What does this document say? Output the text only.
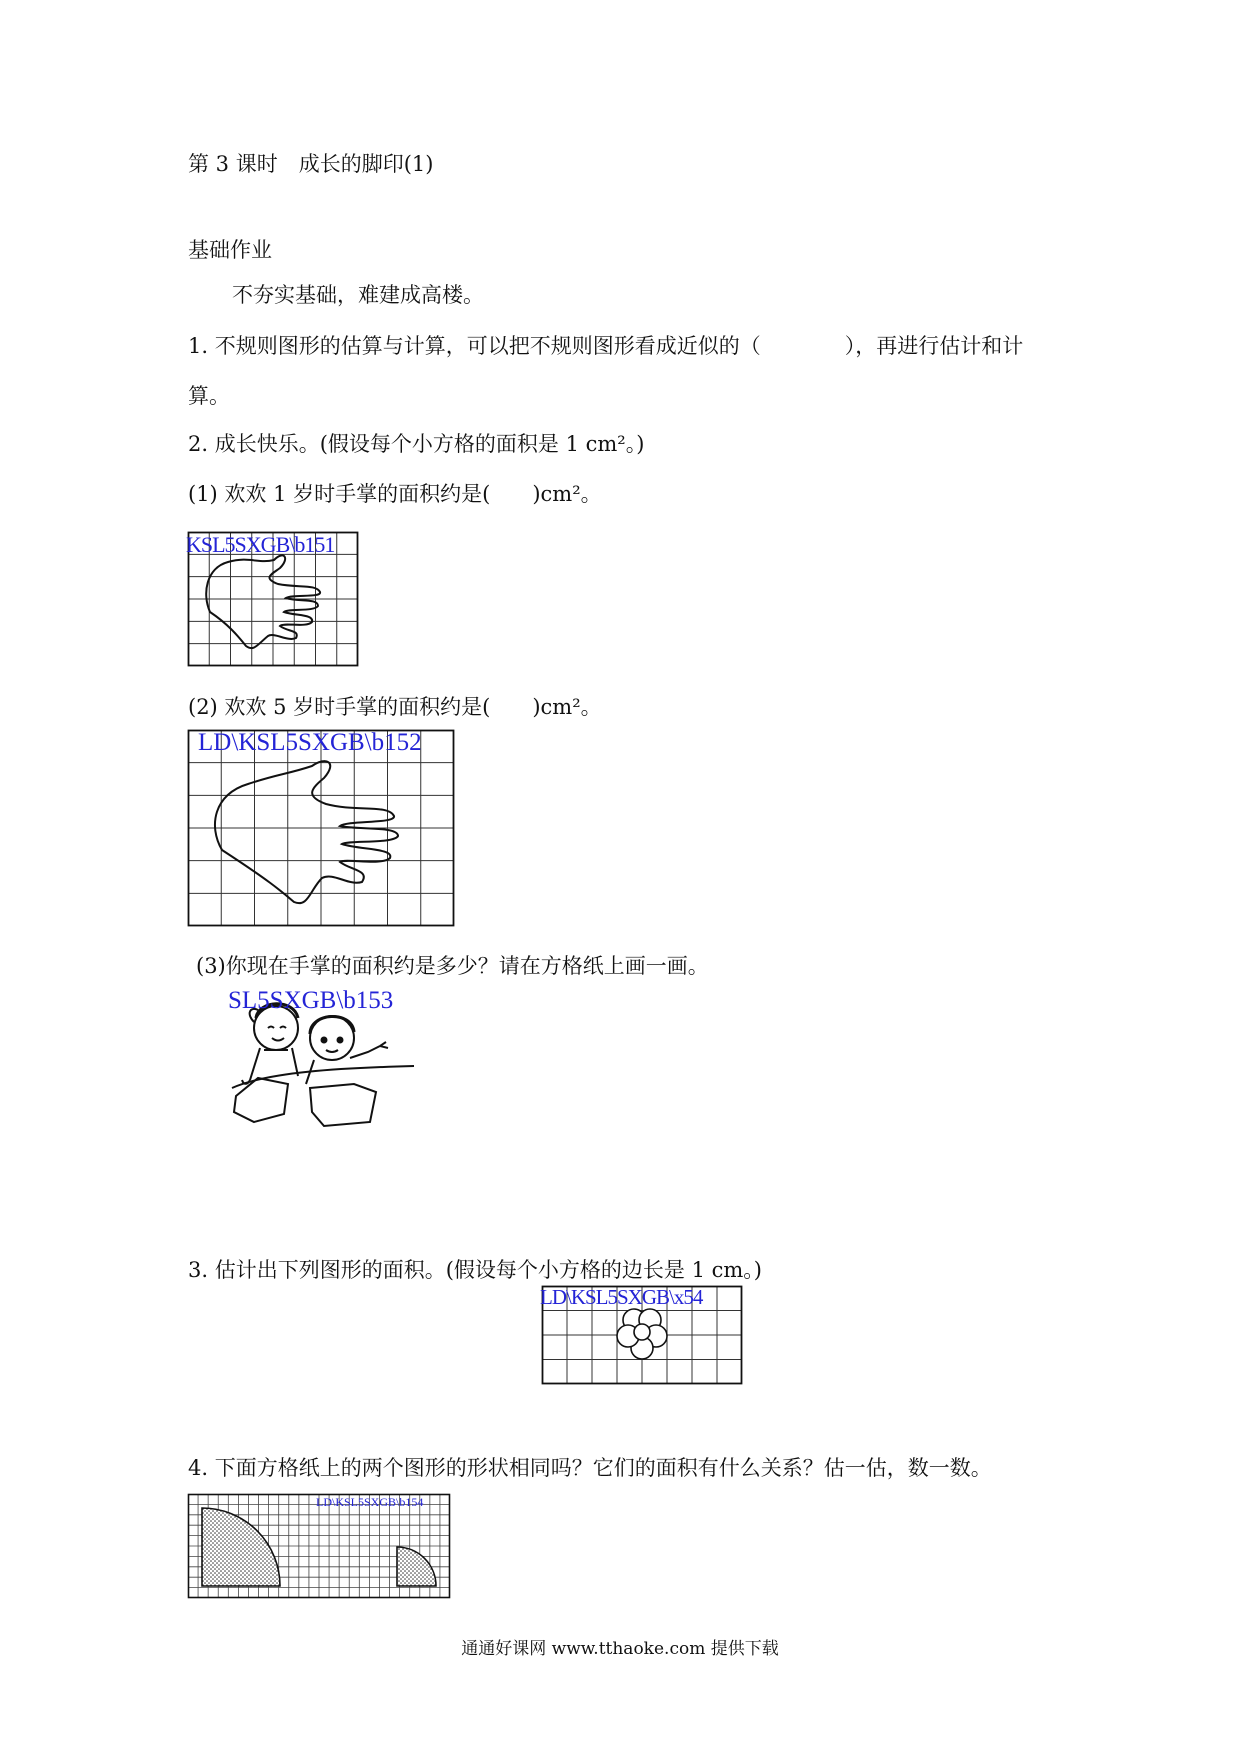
第 3 课时　成长的脚印(1)
基础作业
不夯实基础，难建成高楼。
1. 不规则图形的估算与计算，可以把不规则图形看成近似的（　　　　），再进行估计和计
算。
2. 成长快乐。(假设每个小方格的面积是 1 cm²。)
(1) 欢欢 1 岁时手掌的面积约是(　　)cm²。
KSL5SXGB\b151
(2) 欢欢 5 岁时手掌的面积约是(　　)cm²。
LD\KSL5SXGB\b152
(3)你现在手掌的面积约是多少？请在方格纸上画一画。
SL5SXGB\b153
3. 估计出下列图形的面积。(假设每个小方格的边长是 1 cm。)
LD\KSL5SXGB\x54
4. 下面方格纸上的两个图形的形状相同吗？它们的面积有什么关系？估一估，数一数。
LD\KSL5SXGB\b154
通通好课网 www.tthaoke.com 提供下载
